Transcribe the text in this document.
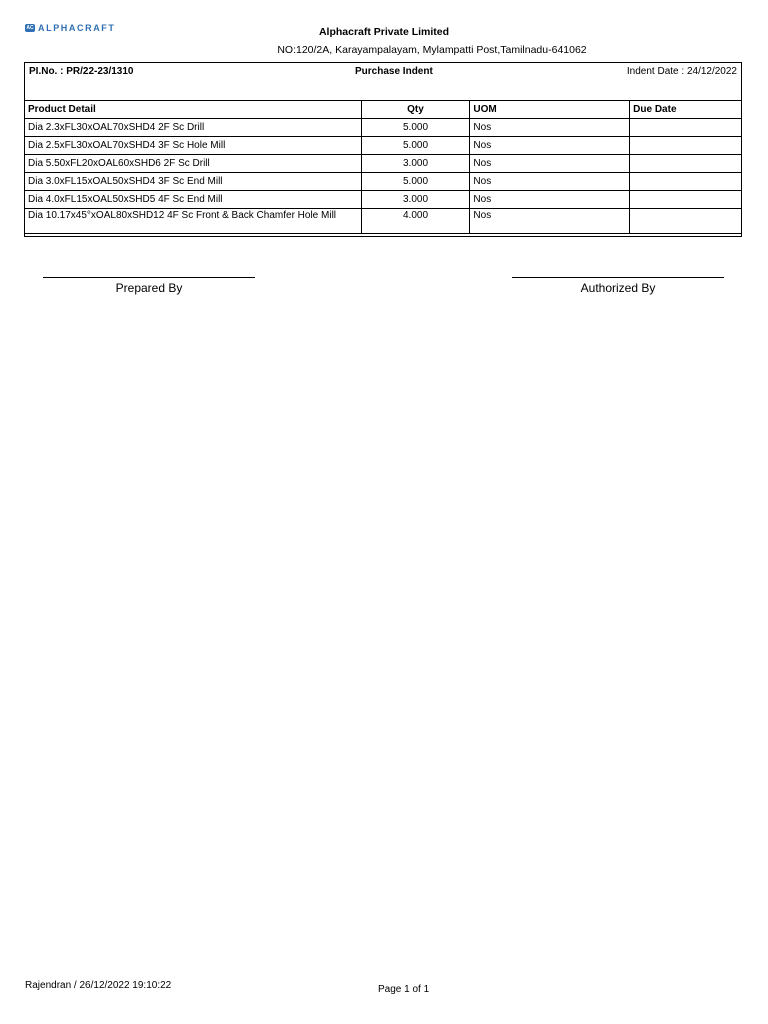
AC ALPHACRAFT	Alphacraft Private Limited
NO:120/2A, Karayampalayam, Mylampatti Post,Tamilnadu-641062
PI.No. : PR/22-23/1310	Purchase Indent	Indent Date : 24/12/2022
Product Detail	Qty	UOM	Due Date
Dia 2.3xFL30xOAL70xSHD4 2F Sc Drill	5.000	Nos	
Dia 2.5xFL30xOAL70xSHD4 3F Sc Hole Mill	5.000	Nos	
Dia 5.50xFL20xOAL60xSHD6 2F Sc Drill	3.000	Nos	
Dia 3.0xFL15xOAL50xSHD4 3F Sc End Mill	5.000	Nos	
Dia 4.0xFL15xOAL50xSHD5 4F Sc End Mill	3.000	Nos	
Dia 10.17x45°xOAL80xSHD12 4F Sc Front & Back Chamfer Hole Mill	4.000	Nos	
Prepared By	Authorized By
Rajendran / 26/12/2022 19:10:22	Page 1 of 1
